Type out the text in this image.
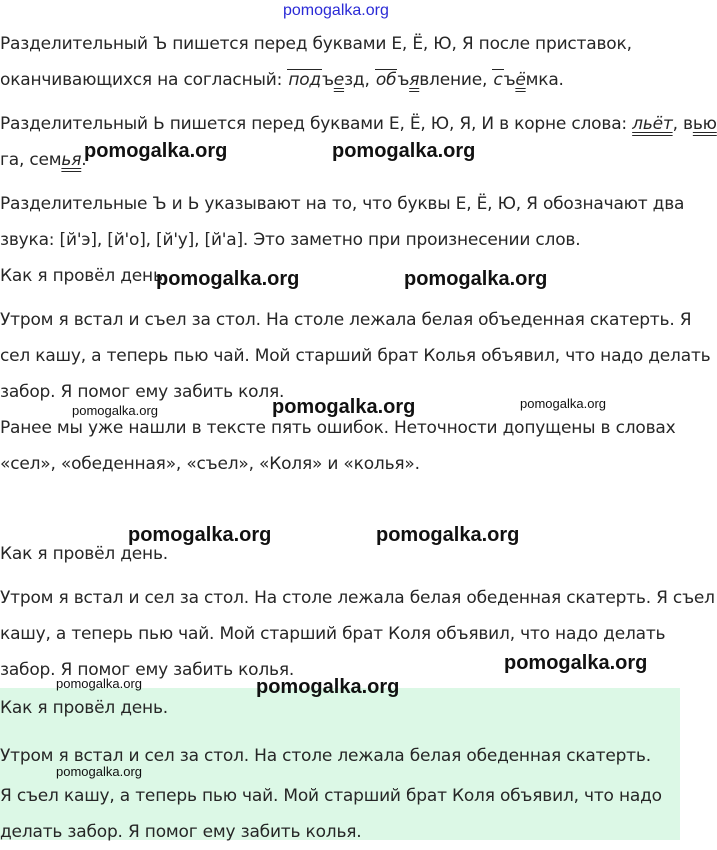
Разделительный Ъ пишется перед буквами Е, Ё, Ю, Я после приставок,
оканчивающихся на согласный: подъезд, объявление, съёмка.
Разделительный Ь пишется перед буквами Е, Ё, Ю, Я, И в корне слова: льёт, вью
га, семья.
Разделительные Ъ и Ь указывают на то, что буквы Е, Ё, Ю, Я обозначают два
звука: [й'э], [й'о], [й'у], [й'а]. Это заметно при произнесении слов.
Как я провёл день.
Утром я встал и съел за стол. На столе лежала белая объеденная скатерть. Я
сел кашу, а теперь пью чай. Мой старший брат Колья объявил, что надо делать
забор. Я помог ему забить коля.
Ранее мы уже нашли в тексте пять ошибок. Неточности допущены в словах
«сел», «обеденная», «съел», «Коля» и «колья».
Как я провёл день.
Утром я встал и сел за стол. На столе лежала белая обеденная скатерть. Я съел
кашу, а теперь пью чай. Мой старший брат Коля объявил, что надо делать
забор. Я помог ему забить колья.
Как я провёл день.
Утром я встал и сел за стол. На столе лежала белая обеденная скатерть.
Я съел кашу, а теперь пью чай. Мой старший брат Коля объявил, что надо
делать забор. Я помог ему забить колья.
pomogalka.org
pomogalka.org	pomogalka.org
pomogalka.org	pomogalka.org
pomogalka.org	pomogalka.org	pomogalka.org
pomogalka.org	pomogalka.org
pomogalka.org
pomogalka.org	pomogalka.org
pomogalka.org
